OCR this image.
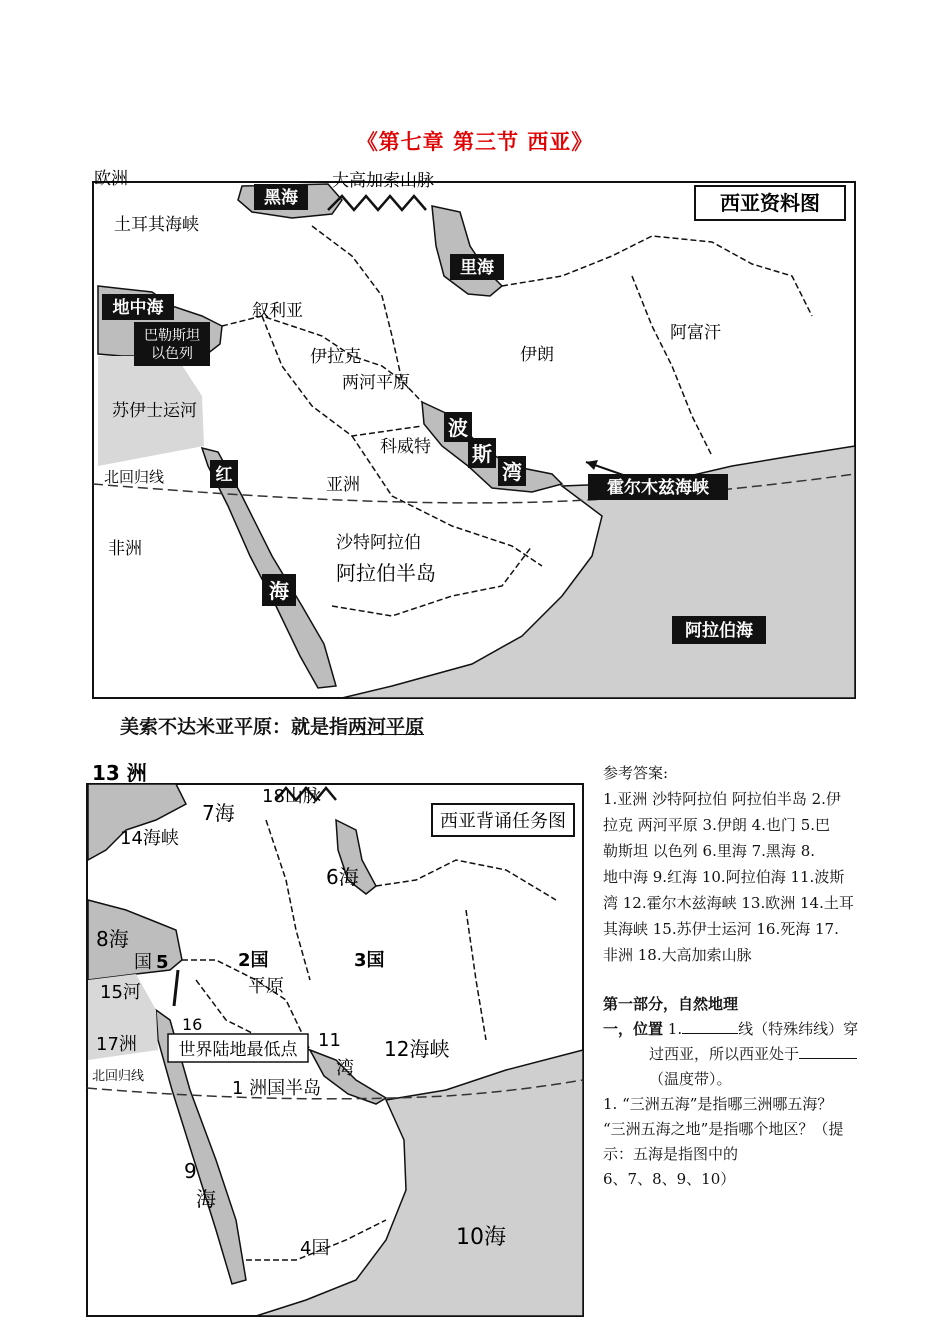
《第七章 第三节 西亚》
西亚资料图
欧洲	大高加索山脉
黑海
土耳其海峡
里海
地中海	叙利亚
巴勒斯坦
以色列	伊拉克	伊朗
阿富汗
两河平原
苏伊士运河
科威特
波
斯
湾
霍尔木兹海峡
北回归线	红	亚洲
非洲	沙特阿拉伯
阿拉伯半岛
海
阿拉伯海
美索不达米亚平原：就是指两河平原
西亚背诵任务图
13 洲
7海
18山脉
14海峡
6海
8海
国 5	2国
平原
3国
15河
16
世界陆地最低点
17洲	11
湾
12海峡
1 洲国半岛
北回归线
9
海
4国	10海

参考答案:

1.亚洲 沙特阿拉伯 阿拉伯半岛 2.伊

拉克 两河平原 3.伊朗 4.也门 5.巴

勒斯坦 以色列 6.里海 7.黑海 8.

地中海 9.红海 10.阿拉伯海 11.波斯

湾 12.霍尔木兹海峡 13.欧洲 14.土耳

其海峡 15.苏伊士运河 16.死海 17.

非洲 18.大高加索山脉

第一部分，自然地理

一，位置 1.	线（特殊纬线）穿

过西亚，所以西亚处于

（温度带）。

1. “三洲五海”是指哪三洲哪五海？

“三洲五海之地”是指哪个地区？（提

示：五海是指图中的

6、7、8、9、10）
